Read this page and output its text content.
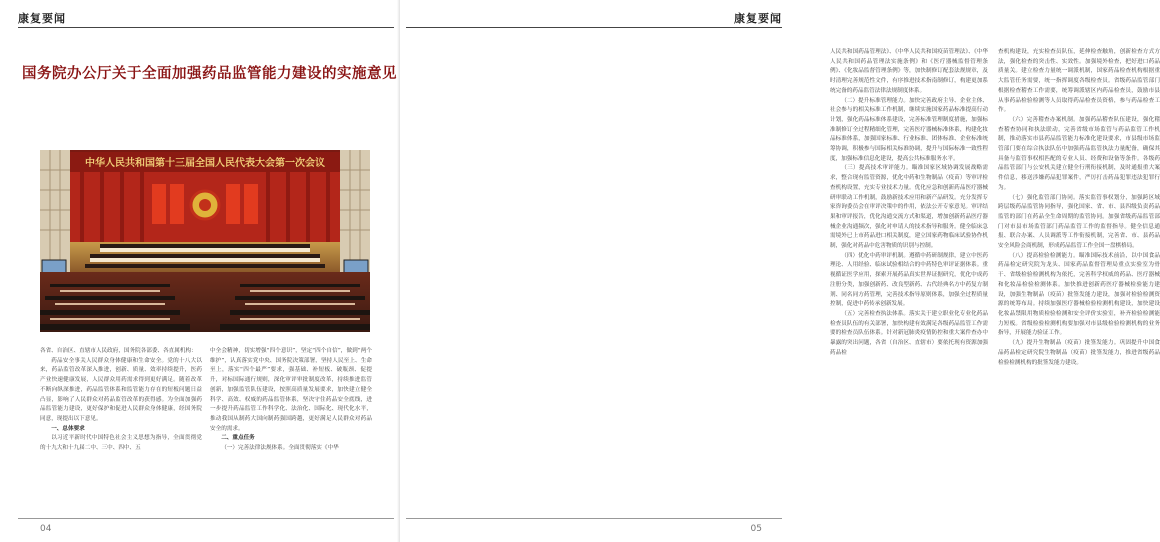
康复要闻
国务院办公厅关于全面加强药品监管能力建设的实施意见
中华人民共和国第十三届全国人民代表大会第一次会议

各省、自治区、直辖市人民政府，国务院各部委、各直属机构：

药品安全事关人民群众身体健康和生命安全。党的十八大以来，药品监管改革深入推进，创新、质量、效率持续提升，医药产业快速健康发展，人民群众用药需求得到更好满足。随着改革不断向纵深推进，药品监管体系和监管能力存在的短板问题日益凸显，影响了人民群众对药品监管改革的获得感。为全面加强药品监管能力建设，更好保护和促进人民群众身体健康，经国务院同意，现提出以下意见。

一、总体要求

以习近平新时代中国特色社会主义思想为指导，全面贯彻党的十九大和十九届二中、三中、四中、五

中全会精神，切实增强“四个意识”，坚定“四个自信”，做到“两个维护”，认真落实党中央、国务院决策部署，坚持人民至上、生命至上，落实“四个最严”要求，强基础、补短板、破瓶颈、促提升，对标国际通行规则，深化审评审批制度改革，持续推进监管创新，加强监管队伍建设，按照高质量发展要求，加快建立健全科学、高效、权威的药品监管体系，坚决守住药品安全底线，进一步提升药品监管工作科学化、法治化、国际化、现代化水平，推动我国从制药大国向制药强国跨越，更好满足人民群众对药品安全的需求。

二、重点任务

（一）完善法律法规体系。全面贯彻落实《中华

04
康复要闻

人民共和国药品管理法》、《中华人民共和国疫苗管理法》、《中华人民共和国药品管理法实施条例》和《医疗器械监督管理条例》、《化妆品监督管理条例》等，加快制修订配套法规规章，及时清理完善规范性文件，有序推进技术指南制修订，构建更加系统完备的药品监管法律法规制度体系。

（二）提升标准管理能力。加快完善政府主导、企业主体、社会参与的相关标准工作机制，继续实施国家药品标准提高行动计划，强化药品标准体系建设，完善标准管理制度措施，加强标准制修订全过程精细化管理，完善医疗器械标准体系，构建化妆品标准体系，加强国家标准、行业标准、团体标准、企业标准统筹协调，积极参与国际相关标准协调，提升与国际标准一致性程度，加强标准信息化建设，提高公共标准服务水平。

（三）提高技术审评能力。瞄准国家区域协调发展战略需求，整合现有监管资源，优化中药和生物制品（疫苗）等审评检查机构设置，充实专业技术力量。优化应急和创新药品医疗器械研审联动工作机制，鼓励新技术应用和新产品研发。充分发挥专家咨询委员会在审评决策中的作用，依法公开专家意见。审评结果和审评报告，优化沟通交流方式和渠道，增加创新药品医疗器械企业沟通频次，强化对申请人的技术指导和服务。健全临床急需境外已上市药品进口相关制度，建立国家药物临床试验协作机制，强化对药品中危害物质的识别与控制。

（四）优化中药审评机制。遵循中药研制规律，建立中医药理论、人用经验、临床试验相结合的中药特色审评证据体系。重视循证医学应用，探索开展药品真实世界证据研究，优化中成药注册分类，加强创新药、改良型新药、古代经典名方中药复方制剂、同名同方药管理，完善技术指导原则体系，加强全过程质量控制，促进中药传承创新发展。

（五）完善检查执法体系。落实关于建立职业化专业化药品检查员队伍的有关部署，加快构建有效满足各级药品监管工作需要的检查员队伍体系。针对新冠肺炎疫情防控和重大案件查办中暴露的突出问题，各省（自治区、直辖市）要依托现有资源加强药品检

查机构建设，充实检查员队伍，延伸检查触角，创新检查方式方法，强化检查的突击性、实效性。加强境外检查，把好进口药品质量关。建立检查力量统一调派机制，国家药品检查机构根据重大监管任务需要，统一指挥调度各级检查员。省级药品监管部门根据检查稽查工作需要，统筹调派辖区内药品检查员，鼓励市县从事药品检验检测等人员取得药品检查员资格，参与药品检查工作。

（六）完善稽查办案机制。加强药品稽查队伍建设，强化稽查稽查协同和执法联动，完善省级市场监管与药品监管工作机制，推动落实市县药品监管能力标准化建设要求，市县级市场监管部门要在综合执法队伍中加强药品监管执法力量配备，确保其具备与监管事权相匹配的专业人员、经费和设备等条件。各级药品监管部门与公安机关建立健全行刑衔接机制，及时通报重大案件信息，移送涉嫌药品犯罪案件，严厉打击药品犯罪违法犯罪行为。

（七）强化监管部门协同。落实监管事权划分，加强跨区域跨层级药品监管协同指导，强化国家、省、市、县四级负责药品监管的部门在药品全生命周期的监管协同。加强省级药品监管部门对市县市场监管部门药品监管工作的监督指导。健全信息通报、联合办案、人员调派等工作衔接机制，完善省、市、县药品安全风险会商机制，形成药品监管工作全国一盘棋格局。

（八）提高检验检测能力。瞄准国际技术前沿，以中国食品药品检定研究院为龙头、国家药品监督管理局重点实验室为骨干、省级检验检测机构为依托，完善科学权威的药品、医疗器械和化妆品检验检测体系。加快推进创新药医疗器械检验能力建设，加强生物制品（疫苗）批签发能力建设，加强对检验检测资源的统筹布局。持续加强医疗器械检验检测机构建设，加快建设化妆品禁限用物质检验检测和安全评价实验室，补齐检验检测能力短板。省级检验检测机构要加强对市县级检验检测机构的业务指导，开展能力验证工作。

（九）提升生物制品（疫苗）批签发能力。巩固提升中国食品药品检定研究院生物制品（疫苗）批签发能力，推进省级药品检验检测机构的批签发能力建设。

05
